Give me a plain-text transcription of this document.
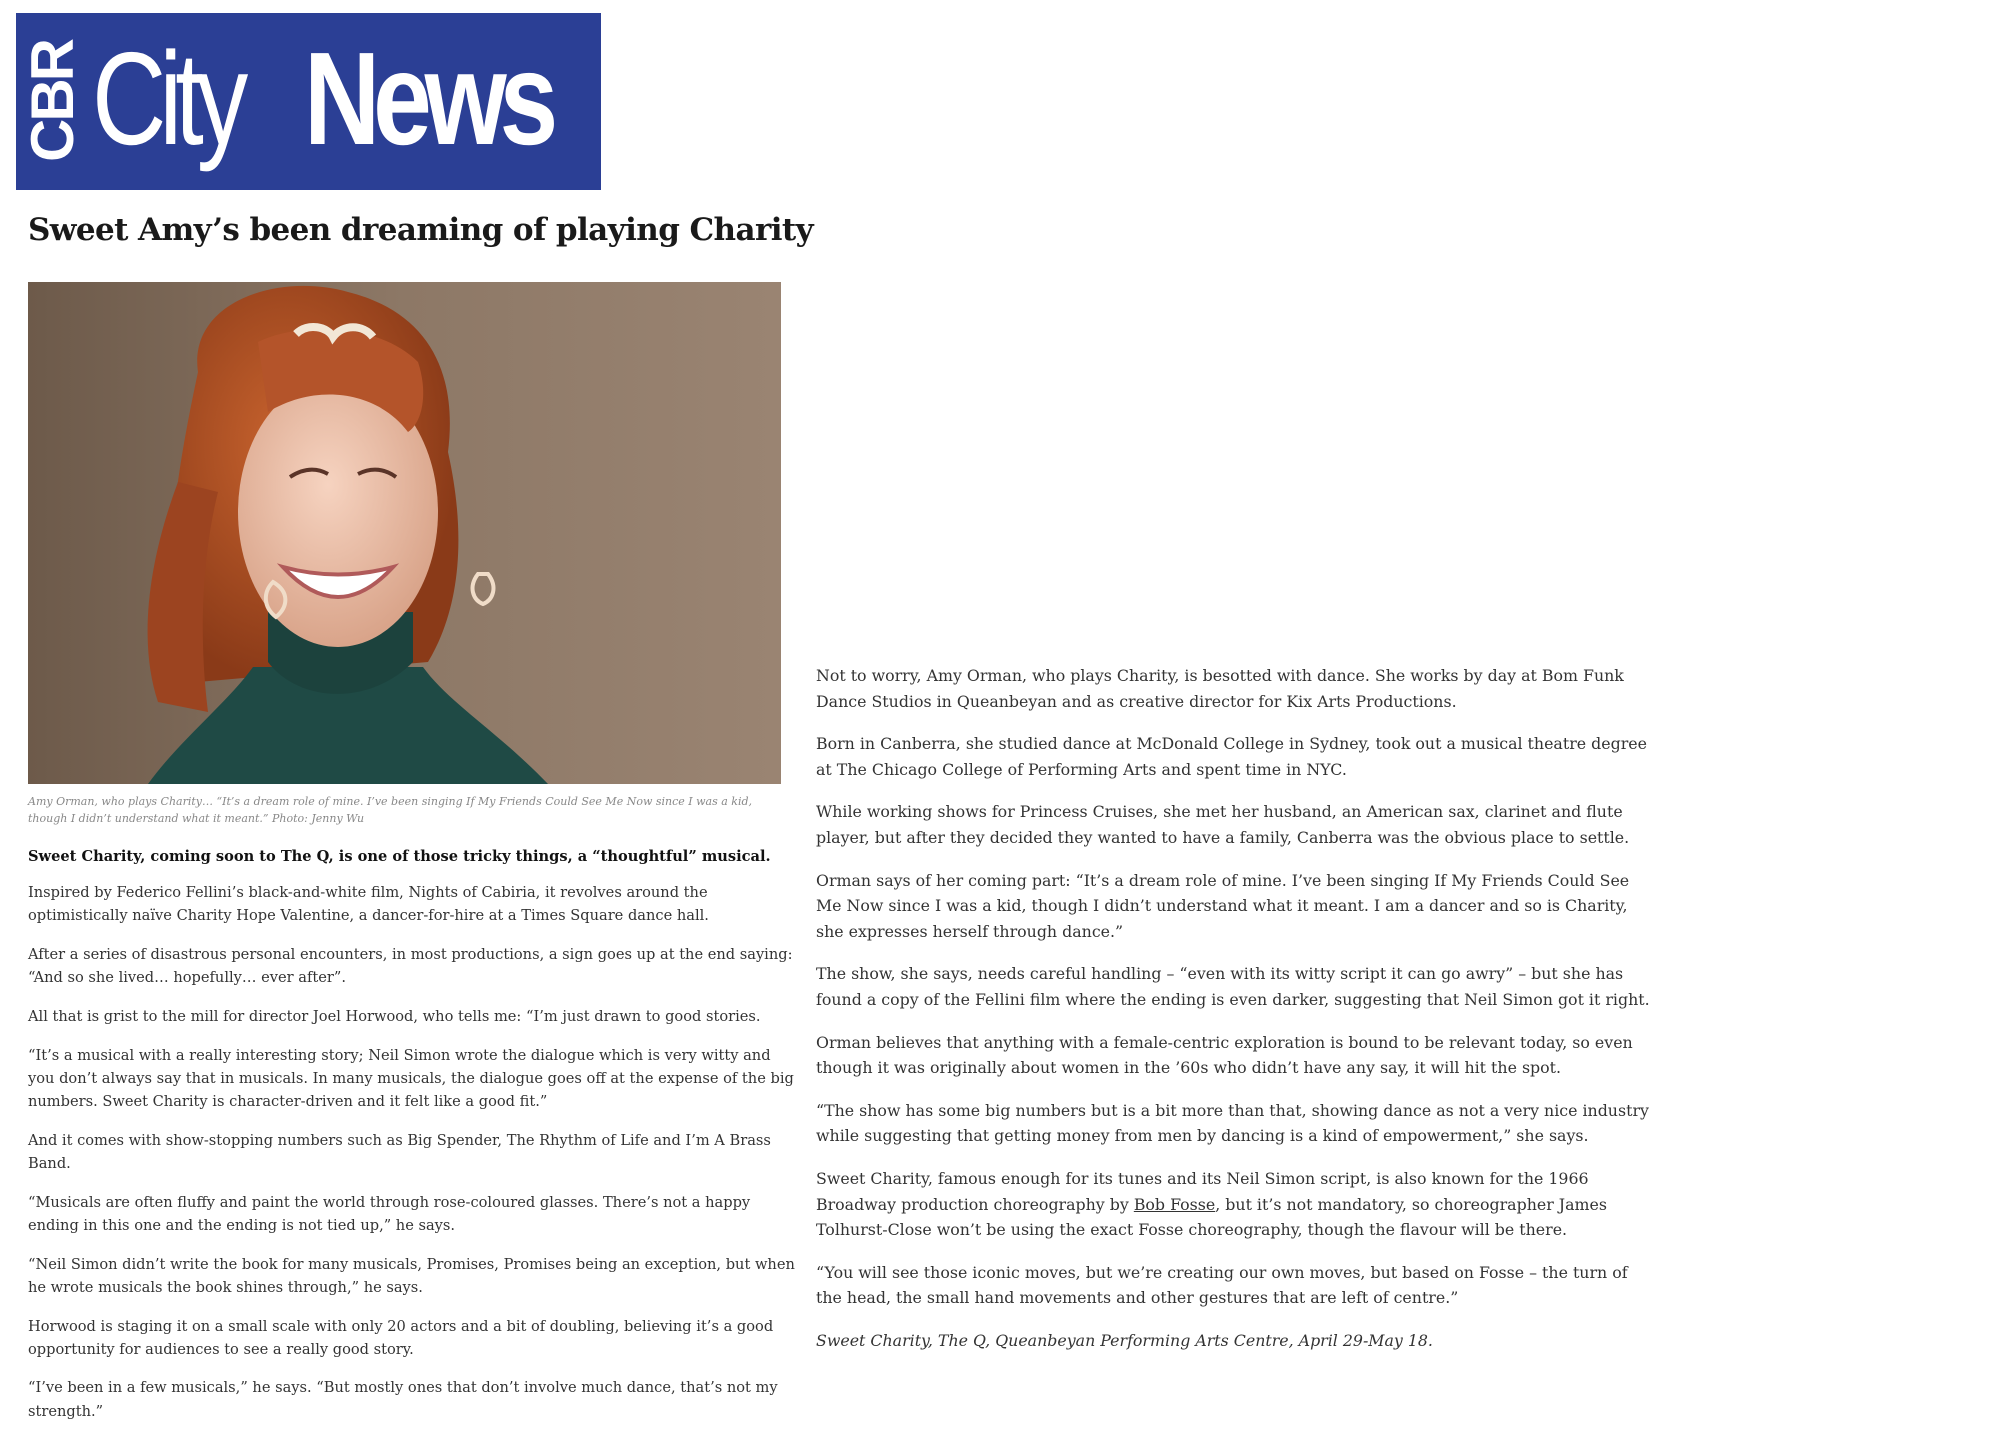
CBR City News
Sweet Amy’s been dreaming of playing Charity
Amy Orman, who plays Charity… “It’s a dream role of mine. I’ve been singing If My Friends Could See Me Now since I was a kid,
though I didn’t understand what it meant.” Photo: Jenny Wu

Sweet Charity, coming soon to The Q, is one of those tricky things, a “thoughtful” musical.

Inspired by Federico Fellini’s black-and-white film, Nights of Cabiria, it revolves around the optimistically naïve Charity Hope Valentine, a dancer-for-hire at a Times Square dance hall.

After a series of disastrous personal encounters, in most productions, a sign goes up at the end saying: “And so she lived… hopefully… ever after”.

All that is grist to the mill for director Joel Horwood, who tells me: “I’m just drawn to good stories.

“It’s a musical with a really interesting story; Neil Simon wrote the dialogue which is very witty and you don’t always say that in musicals. In many musicals, the dialogue goes off at the expense of the big numbers. Sweet Charity is character-driven and it felt like a good fit.”

And it comes with show-stopping numbers such as Big Spender, The Rhythm of Life and I’m A Brass Band.

“Musicals are often fluffy and paint the world through rose-coloured glasses. There’s not a happy ending in this one and the ending is not tied up,” he says.

“Neil Simon didn’t write the book for many musicals, Promises, Promises being an exception, but when he wrote musicals the book shines through,” he says.

Horwood is staging it on a small scale with only 20 actors and a bit of doubling, believing it’s a good opportunity for audiences to see a really good story.

“I’ve been in a few musicals,” he says. “But mostly ones that don’t involve much dance, that’s not my strength.”

Not to worry, Amy Orman, who plays Charity, is besotted with dance. She works by day at Bom Funk Dance Studios in Queanbeyan and as creative director for Kix Arts Productions.

Born in Canberra, she studied dance at McDonald College in Sydney, took out a musical theatre degree at The Chicago College of Performing Arts and spent time in NYC.

While working shows for Princess Cruises, she met her husband, an American sax, clarinet and flute player, but after they decided they wanted to have a family, Canberra was the obvious place to settle.

Orman says of her coming part: “It’s a dream role of mine. I’ve been singing If My Friends Could See Me Now since I was a kid, though I didn’t understand what it meant. I am a dancer and so is Charity, she expresses herself through dance.”

The show, she says, needs careful handling – “even with its witty script it can go awry” – but she has found a copy of the Fellini film where the ending is even darker, suggesting that Neil Simon got it right.

Orman believes that anything with a female-centric exploration is bound to be relevant today, so even though it was originally about women in the ’60s who didn’t have any say, it will hit the spot.

“The show has some big numbers but is a bit more than that, showing dance as not a very nice industry while suggesting that getting money from men by dancing is a kind of empowerment,” she says.

Sweet Charity, famous enough for its tunes and its Neil Simon script, is also known for the 1966 Broadway production choreography by Bob Fosse, but it’s not mandatory, so choreographer James Tolhurst-Close won’t be using the exact Fosse choreography, though the flavour will be there.

“You will see those iconic moves, but we’re creating our own moves, but based on Fosse – the turn of the head, the small hand movements and other gestures that are left of centre.”

Sweet Charity, The Q, Queanbeyan Performing Arts Centre, April 29-May 18.
